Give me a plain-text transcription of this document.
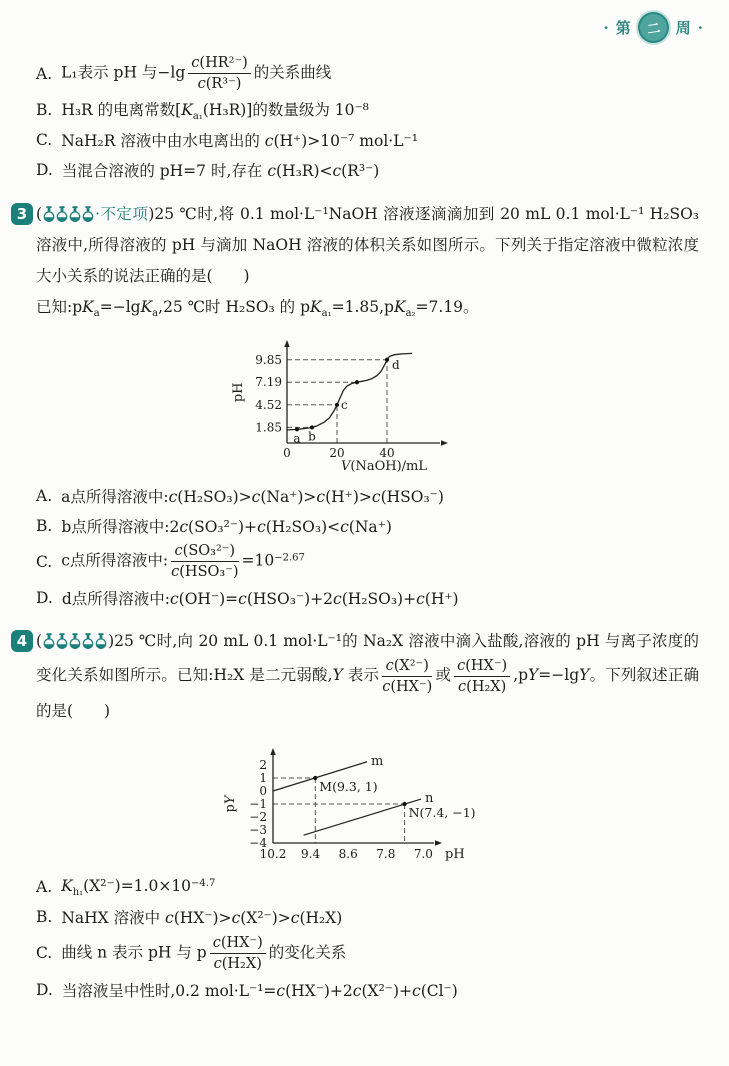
· 第	二 周 ·
A. L₁表示 pH 与$-\lg \frac{\text{c(HR²⁻)}}{\text{c(R³⁻)}}$ 的关系曲线
B. H₃R 的电离常数$[K_{a_1}(H_3R)]$的数量级为 10⁻⁸
C. NaH₂R 溶液中由水电离出的 c(H⁺)>10⁻⁷ mol·L⁻¹
D. 当混合溶液的 pH=7 时,存在 c(H₃R)<c(R³⁻)
3 (	·不定项)25 ℃时,将 0.1 mol·L⁻¹NaOH 溶液逐滴滴加到 20 mL 0.1 mol·L⁻¹ H₂SO₃溶液中,所得溶液的 pH 与滴加 NaOH 溶液的体积关系如图所示。下列关于指定溶液中微粒浓度大小关系的说法正确的是(　　)

已知$:pK_a=-\lg K_a,25$ ℃时 H₂SO₃ 的 $pK_{a_1}=1.85,pK_{a_2}=7.19$。

1.85
4.52
7.19
9.85
0	20	40
a b
c
d
pH
V(NaOH)/mL
A. a点所得溶液中:c(H₂SO₃)>c(Na⁺)>c(H⁺)>c(HSO₃⁻)
B. b点所得溶液中:2c(SO₃²⁻)+c(H₂SO₃)<c(Na⁺)
C. c点所得溶液中: $\frac{\text{c(SO₃²⁻)}}{\text{c(HSO₃⁻)}} =10^{-2.67}$
D. d点所得溶液中:c(OH⁻)=c(HSO₃⁻)+2c(H₂SO₃)+c(H⁺)
4 (	)25 ℃时,向 20 mL 0.1 mol·L⁻¹的 Na₂X 溶液中滴入盐酸,溶液的 pH 与离子浓度的变化关系如图所示。已知:H₂X 是二元弱酸,Y 表示 $\frac{\text{c(X²⁻)}}{c(HX^-)}$ 或 $\frac{c(HX^-)}{\text{c(H₂X)}} ,pY=-\lg Y$。下列叙述正确的是(　　)

2
1
0
−1
−2
−3
−4
10.2 9.4 8.6 7.8 7.0 pH
m
n
M(9.3, 1)
N(7.4, −1)
pY
A. $K_{h_1}(X^{2-})=1.0\times 10^{-4.7}$
B. NaHX 溶液中 c(HX⁻)>c(X²⁻)>c(H₂X)
C. 曲线 n 表示 pH 与 p $\frac{c(HX^-)}{\text{c(H₂X)}}$ 的变化关系
D. 当溶液呈中性时,0.2 mol·L⁻¹=c(HX⁻)+2c(X²⁻)+c(Cl⁻)
